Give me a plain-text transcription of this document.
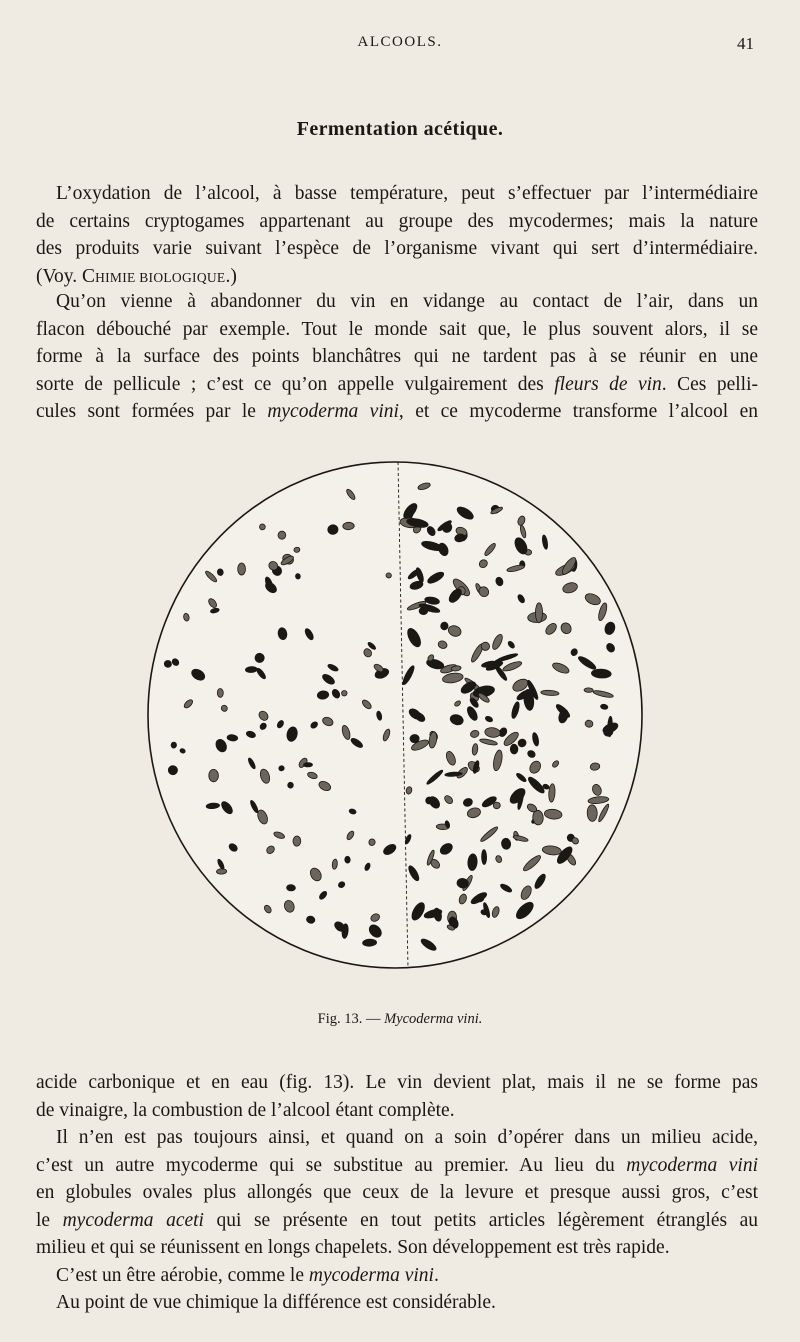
ALCOOLS.	41
Fermentation acétique.
L’oxydation de l’alcool, à basse température, peut s’effectuer par l’intermédiaire
de certains cryptogames appartenant au groupe des mycodermes; mais la nature
des produits varie suivant l’espèce de l’organisme vivant qui sert d’intermédiaire.
(Voy. CHIMIE BIOLOGIQUE.)
Qu’on vienne à abandonner du vin en vidange au contact de l’air, dans un
flacon débouché par exemple. Tout le monde sait que, le plus souvent alors, il se
forme à la surface des points blanchâtres qui ne tardent pas à se réunir en une
sorte de pellicule ; c’est ce qu’on appelle vulgairement des fleurs de vin. Ces pelli-
cules sont formées par le mycoderma vini, et ce mycoderme transforme l’alcool en
Fig. 13. — Mycoderma vini.
acide carbonique et en eau (fig. 13). Le vin devient plat, mais il ne se forme pas
de vinaigre, la combustion de l’alcool étant complète.
Il n’en est pas toujours ainsi, et quand on a soin d’opérer dans un milieu acide,
c’est un autre mycoderme qui se substitue au premier. Au lieu du mycoderma vini
en globules ovales plus allongés que ceux de la levure et presque aussi gros, c’est
le mycoderma aceti qui se présente en tout petits articles légèrement étranglés au
milieu et qui se réunissent en longs chapelets. Son développement est très rapide.
C’est un être aérobie, comme le mycoderma vini.
Au point de vue chimique la différence est considérable.
